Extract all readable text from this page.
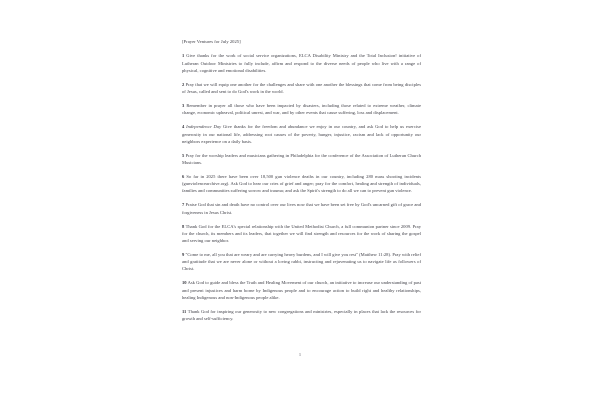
[Prayer Ventures for July 2025]

1 Give thanks for the work of social service organizations, ELCA Disability Ministry and the Total Inclusion! initiative of Lutheran Outdoor Ministries to fully include, affirm and respond to the diverse needs of people who live with a range of physical, cognitive and emotional disabilities.

2 Pray that we will equip one another for the challenges and share with one another the blessings that come from being disciples of Jesus, called and sent to do God's work in the world.

3 Remember in prayer all those who have been impacted by disasters, including those related to extreme weather, climate change, economic upheaval, political unrest, and war, and by other events that cause suffering, loss and displacement.

4 Independence Day Give thanks for the freedom and abundance we enjoy in our country, and ask God to help us exercise generosity in our national life, addressing root causes of the poverty, hunger, injustice, racism and lack of opportunity our neighbors experience on a daily basis.

5 Pray for the worship leaders and musicians gathering in Philadelphia for the conference of the Association of Lutheran Church Musicians.

6 So far in 2025 there have been over 18,500 gun violence deaths in our country, including 280 mass shooting incidents (gunviolencearchive.org). Ask God to hear our cries of grief and anger; pray for the comfort, healing and strength of individuals, families and communities suffering sorrow and trauma; and ask the Spirit's strength to do all we can to prevent gun violence.

7 Praise God that sin and death have no control over our lives now that we have been set free by God's uncarned gift of grace and forgiveness in Jesus Christ.

8 Thank God for the ELCA's special relationship with the United Methodist Church, a full communion partner since 2009. Pray for the church, its members and its leaders, that together we will find strength and resources for the work of sharing the gospel and serving our neighbor.

9 "Come to me, all you that are weary and are carrying heavy burdens, and I will give you rest" (Matthew 11:28). Pray with relief and gratitude that we are never alone or without a loving rabbi, instructing and rejuvenating us to navigate life as followers of Christ.

10 Ask God to guide and bless the Truth and Healing Movement of our church, an initiative to increase our understanding of past and present injustices and harm borne by Indigenous people and to encourage action to build right and healthy relationships, healing Indigenous and non-Indigenous people alike.

11 Thank God for inspiring our generosity to new congregations and ministries, especially in places that lack the resources for growth and self-sufficiency.

1
